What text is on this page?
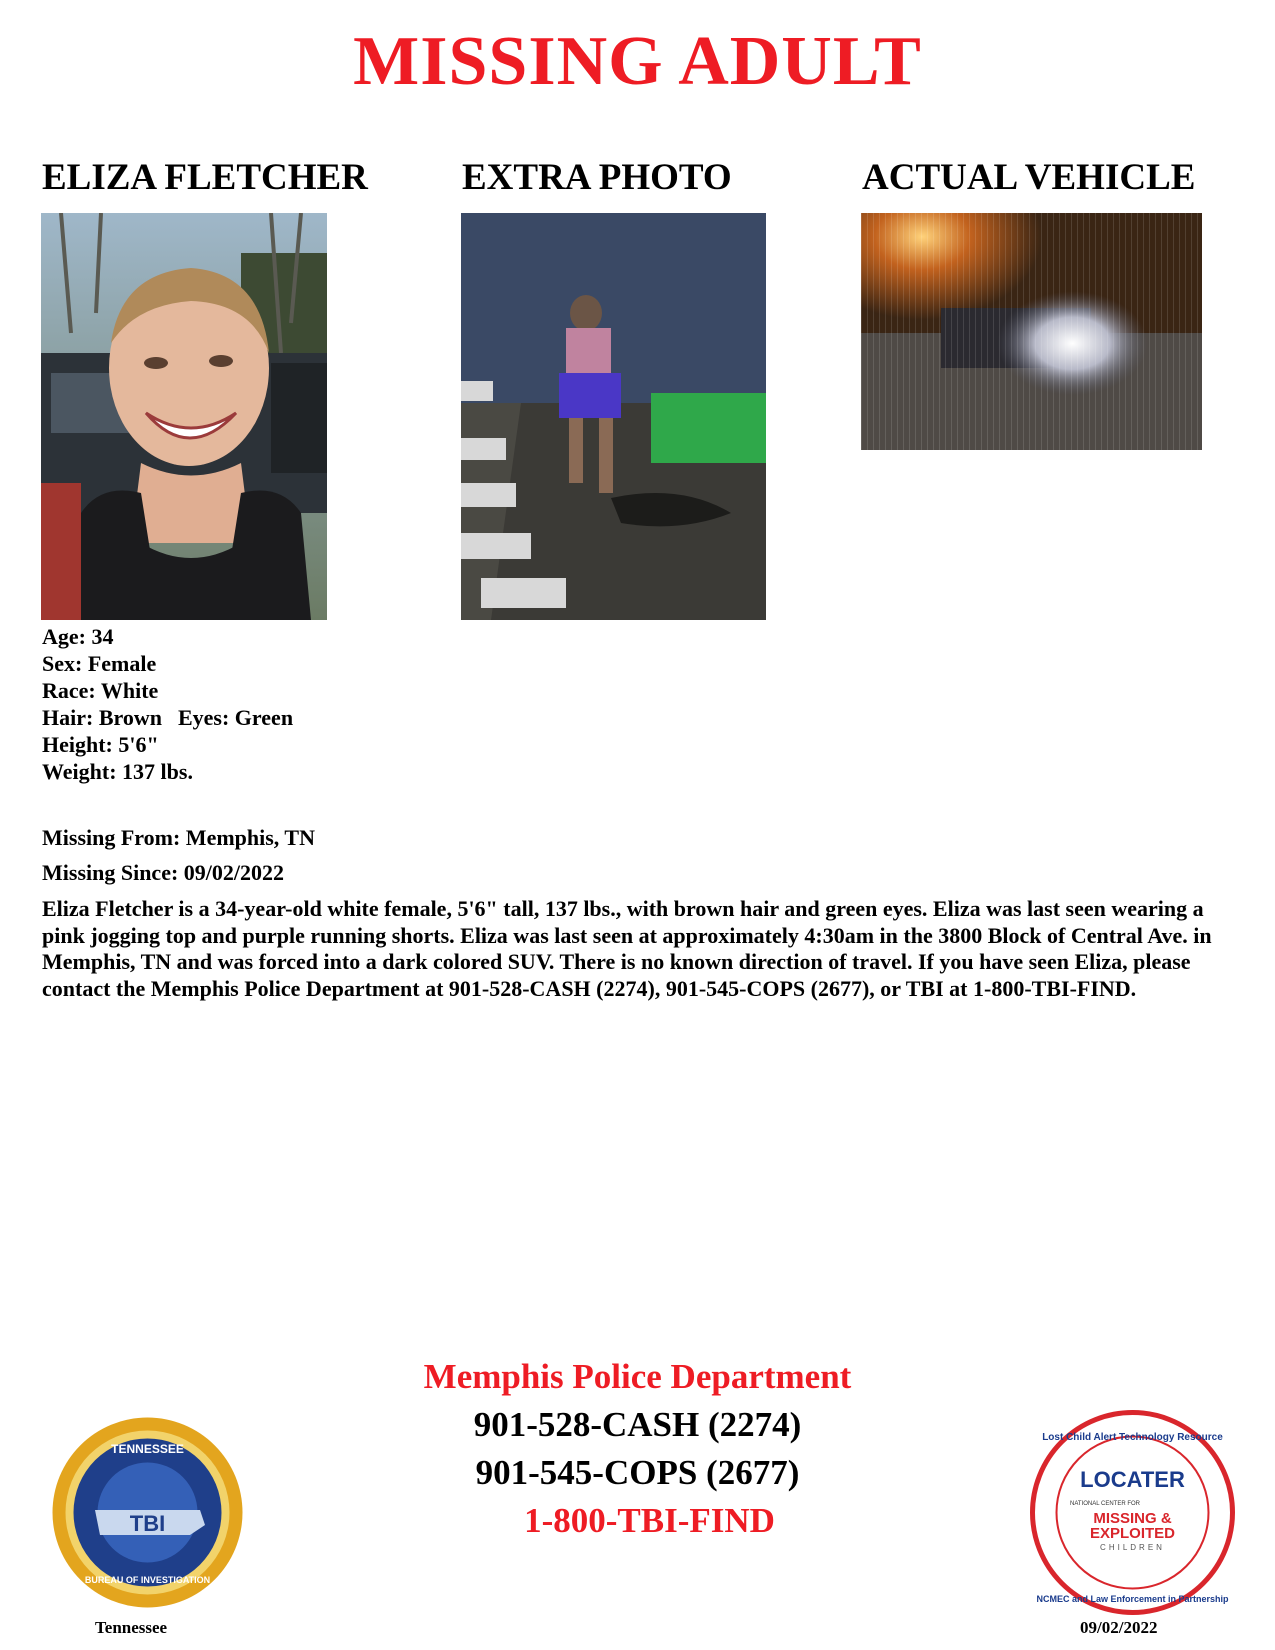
MISSING ADULT
ELIZA FLETCHER	EXTRA PHOTO	ACTUAL VEHICLE
Age: 34
Sex: Female
Race: White
Hair: Brown Eyes: Green
Height: 5'6"
Weight: 137 lbs.
Missing From: Memphis, TN
Missing Since: 09/02/2022
Eliza Fletcher is a 34-year-old white female, 5'6" tall, 137 lbs., with brown hair and green eyes. Eliza was last seen wearing a pink jogging top and purple running shorts. Eliza was last seen at approximately 4:30am in the 3800 Block of Central Ave. in Memphis, TN and was forced into a dark colored SUV. There is no known direction of travel. If you have seen Eliza, please contact the Memphis Police Department at 901-528-CASH (2274), 901-545-COPS (2677), or TBI at 1-800-TBI-FIND.
Memphis Police Department
901-528-CASH (2274)
901-545-COPS (2677)
1-800-TBI-FIND
TBI
TENNESSEE
BUREAU OF INVESTIGATION
Tennessee
Lost Child Alert Technology Resource
NCMEC and Law Enforcement in Partnership
LOCATER
NATIONAL CENTER FOR
MISSING &
EXPLOITED
CHILDREN
09/02/2022
